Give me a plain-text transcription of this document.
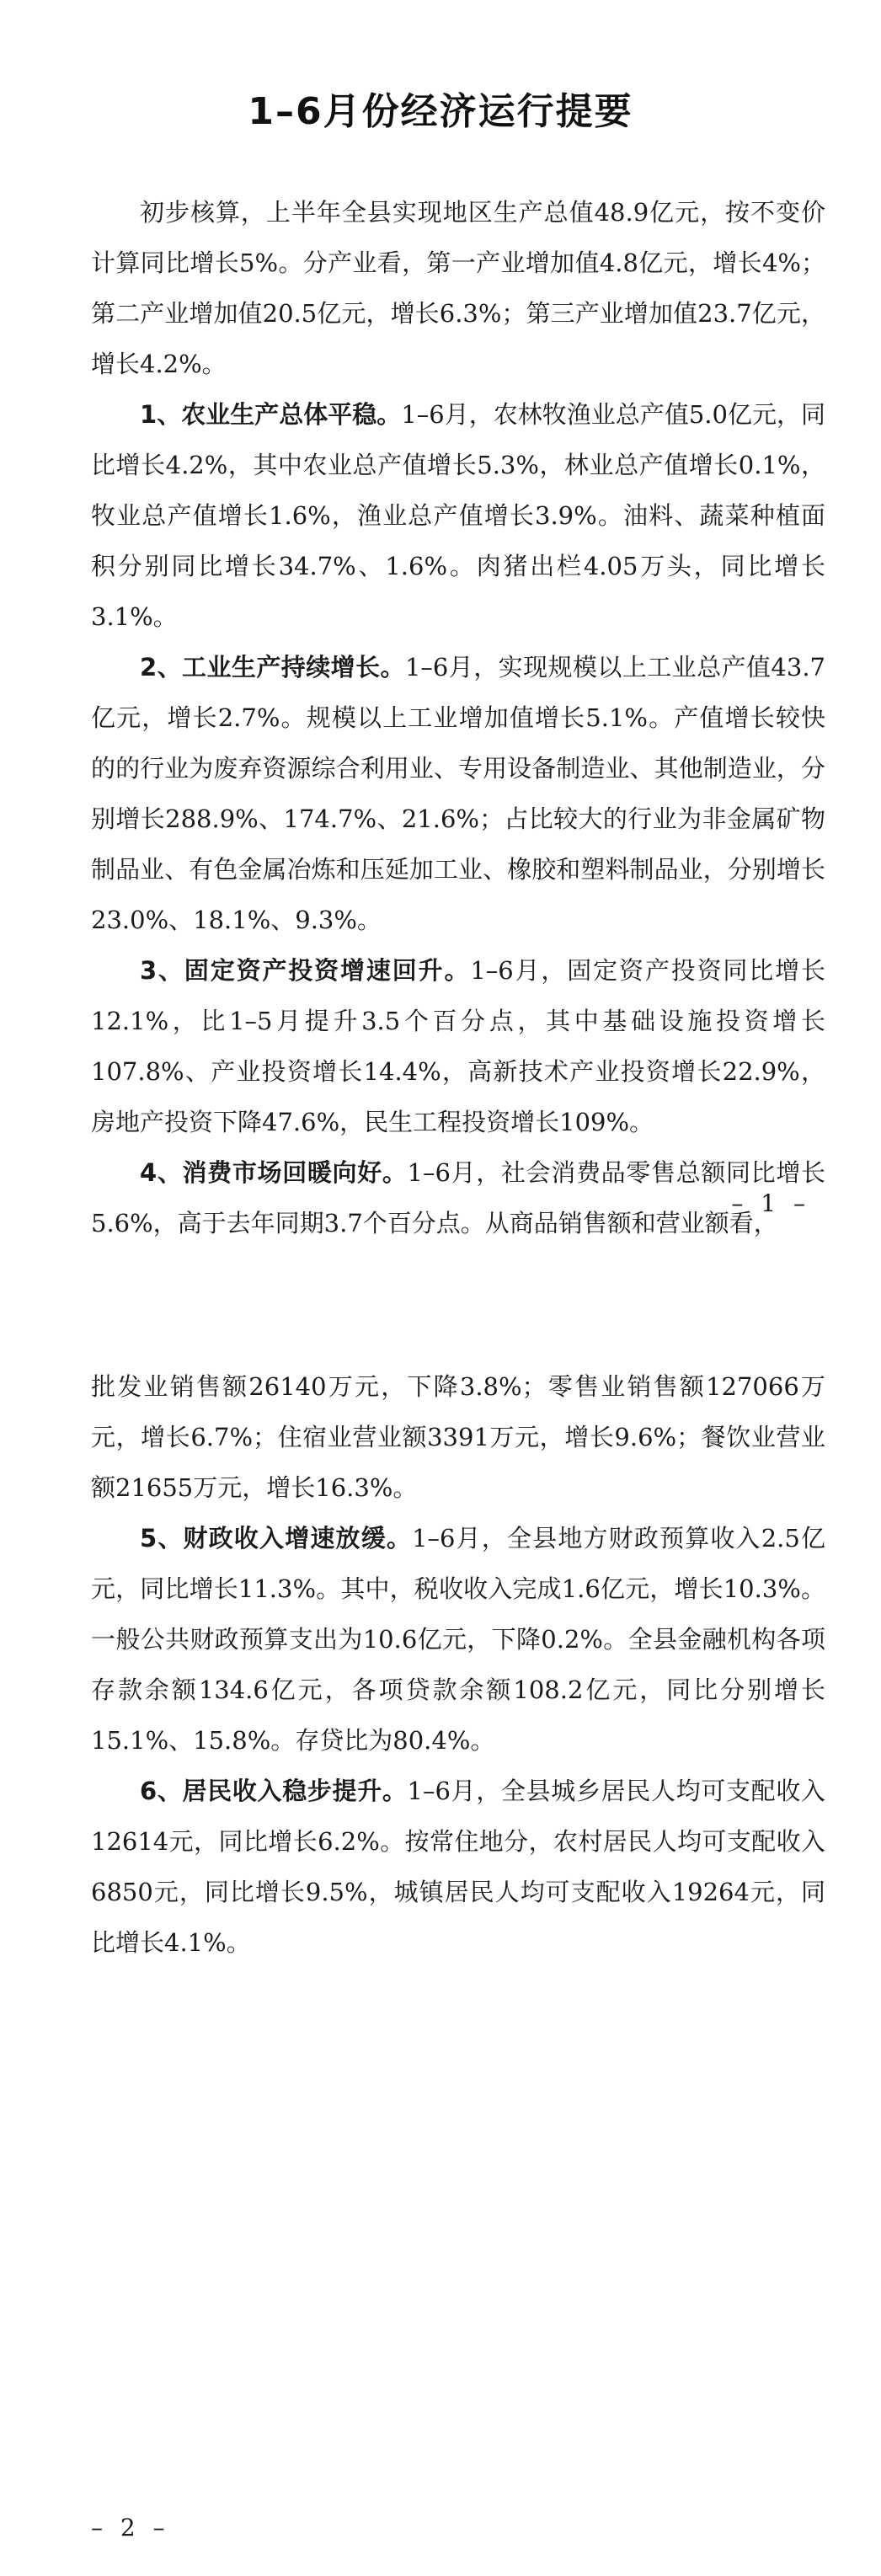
1–6月份经济运行提要

初步核算，上半年全县实现地区生产总值48.9亿元，按不变价计算同比增长5%。分产业看，第一产业增加值4.8亿元，增长4%；第二产业增加值20.5亿元，增长6.3%；第三产业增加值23.7亿元，增长4.2%。

1、农业生产总体平稳。1–6月，农林牧渔业总产值5.0亿元，同比增长4.2%，其中农业总产值增长5.3%，林业总产值增长0.1%，牧业总产值增长1.6%，渔业总产值增长3.9%。油料、蔬菜种植面积分别同比增长34.7%、1.6%。肉猪出栏4.05万头，同比增长3.1%。

2、工业生产持续增长。1–6月，实现规模以上工业总产值43.7亿元，增长2.7%。规模以上工业增加值增长5.1%。产值增长较快的的行业为废弃资源综合利用业、专用设备制造业、其他制造业，分别增长288.9%、174.7%、21.6%；占比较大的行业为非金属矿物制品业、有色金属冶炼和压延加工业、橡胶和塑料制品业，分别增长23.0%、18.1%、9.3%。

3、固定资产投资增速回升。1–6月，固定资产投资同比增长12.1%，比1–5月提升3.5个百分点，其中基础设施投资增长107.8%、产业投资增长14.4%，高新技术产业投资增长22.9%，房地产投资下降47.6%，民生工程投资增长109%。

4、消费市场回暖向好。1–6月，社会消费品零售总额同比增长5.6%，高于去年同期3.7个百分点。从商品销售额和营业额看，

– 1 –

批发业销售额26140万元，下降3.8%；零售业销售额127066万元，增长6.7%；住宿业营业额3391万元，增长9.6%；餐饮业营业额21655万元，增长16.3%。

5、财政收入增速放缓。1–6月，全县地方财政预算收入2.5亿元，同比增长11.3%。其中，税收收入完成1.6亿元，增长10.3%。一般公共财政预算支出为10.6亿元，下降0.2%。全县金融机构各项存款余额134.6亿元，各项贷款余额108.2亿元，同比分别增长15.1%、15.8%。存贷比为80.4%。

6、居民收入稳步提升。1–6月，全县城乡居民人均可支配收入12614元，同比增长6.2%。按常住地分，农村居民人均可支配收入6850元，同比增长9.5%，城镇居民人均可支配收入19264元，同比增长4.1%。

– 2 –
